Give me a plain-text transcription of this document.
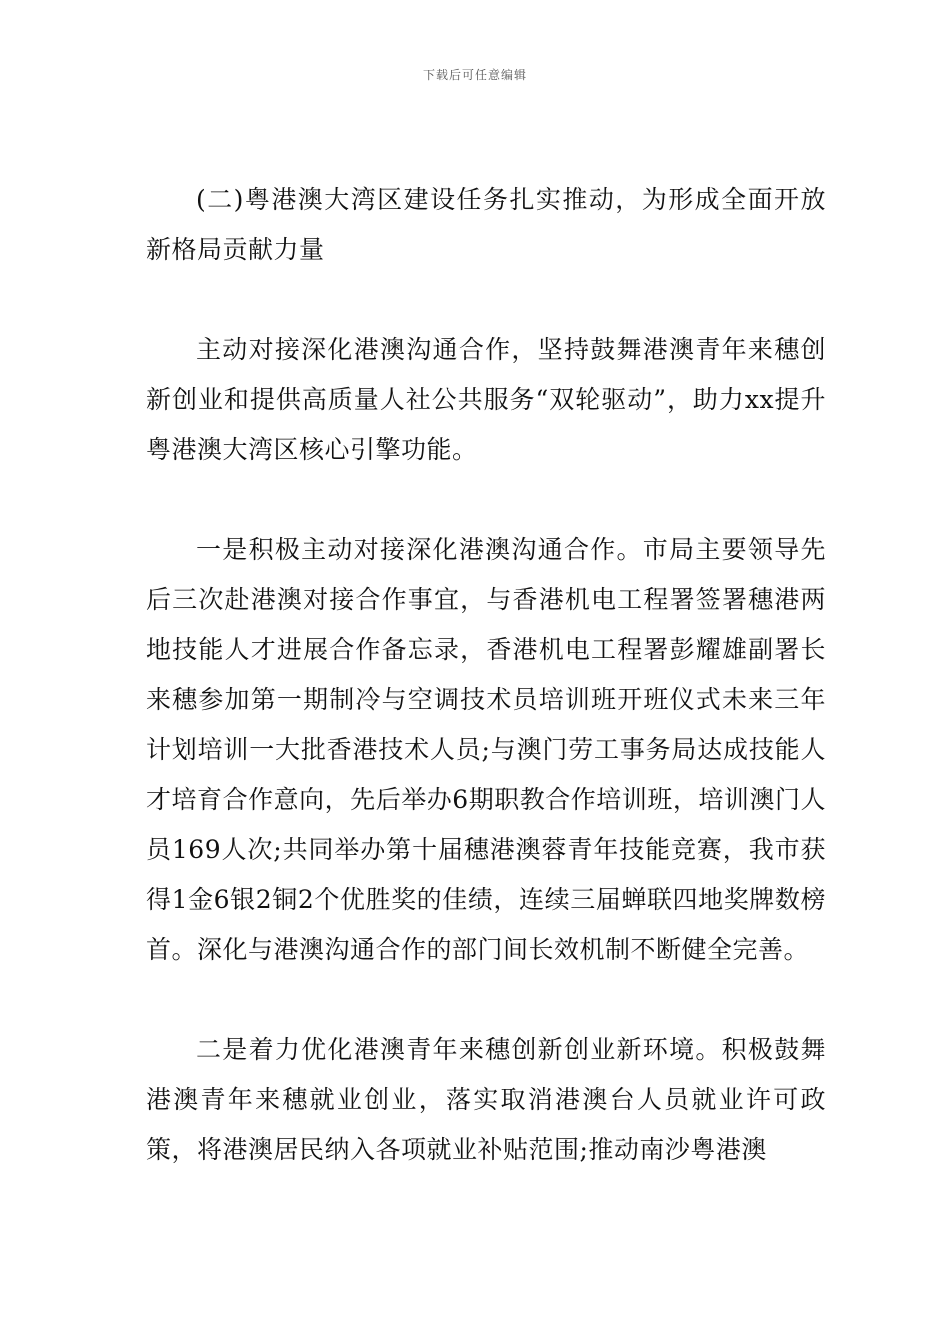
下载后可任意编辑

(二)粤港澳大湾区建设任务扎实推动，为形成全面开放新格局贡献力量

主动对接深化港澳沟通合作，坚持鼓舞港澳青年来穗创新创业和提供高质量人社公共服务“双轮驱动”，助力xx提升粤港澳大湾区核心引擎功能。

一是积极主动对接深化港澳沟通合作。市局主要领导先后三次赴港澳对接合作事宜，与香港机电工程署签署穗港两地技能人才进展合作备忘录，香港机电工程署彭耀雄副署长来穗参加第一期制冷与空调技术员培训班开班仪式未来三年计划培训一大批香港技术人员;与澳门劳工事务局达成技能人才培育合作意向，先后举办6期职教合作培训班，培训澳门人员169人次;共同举办第十届穗港澳蓉青年技能竞赛，我市获得1金6银2铜2个优胜奖的佳绩，连续三届蝉联四地奖牌数榜首。深化与港澳沟通合作的部门间长效机制不断健全完善。

二是着力优化港澳青年来穗创新创业新环境。积极鼓舞港澳青年来穗就业创业，落实取消港澳台人员就业许可政策，将港澳居民纳入各项就业补贴范围;推动南沙粤港澳
